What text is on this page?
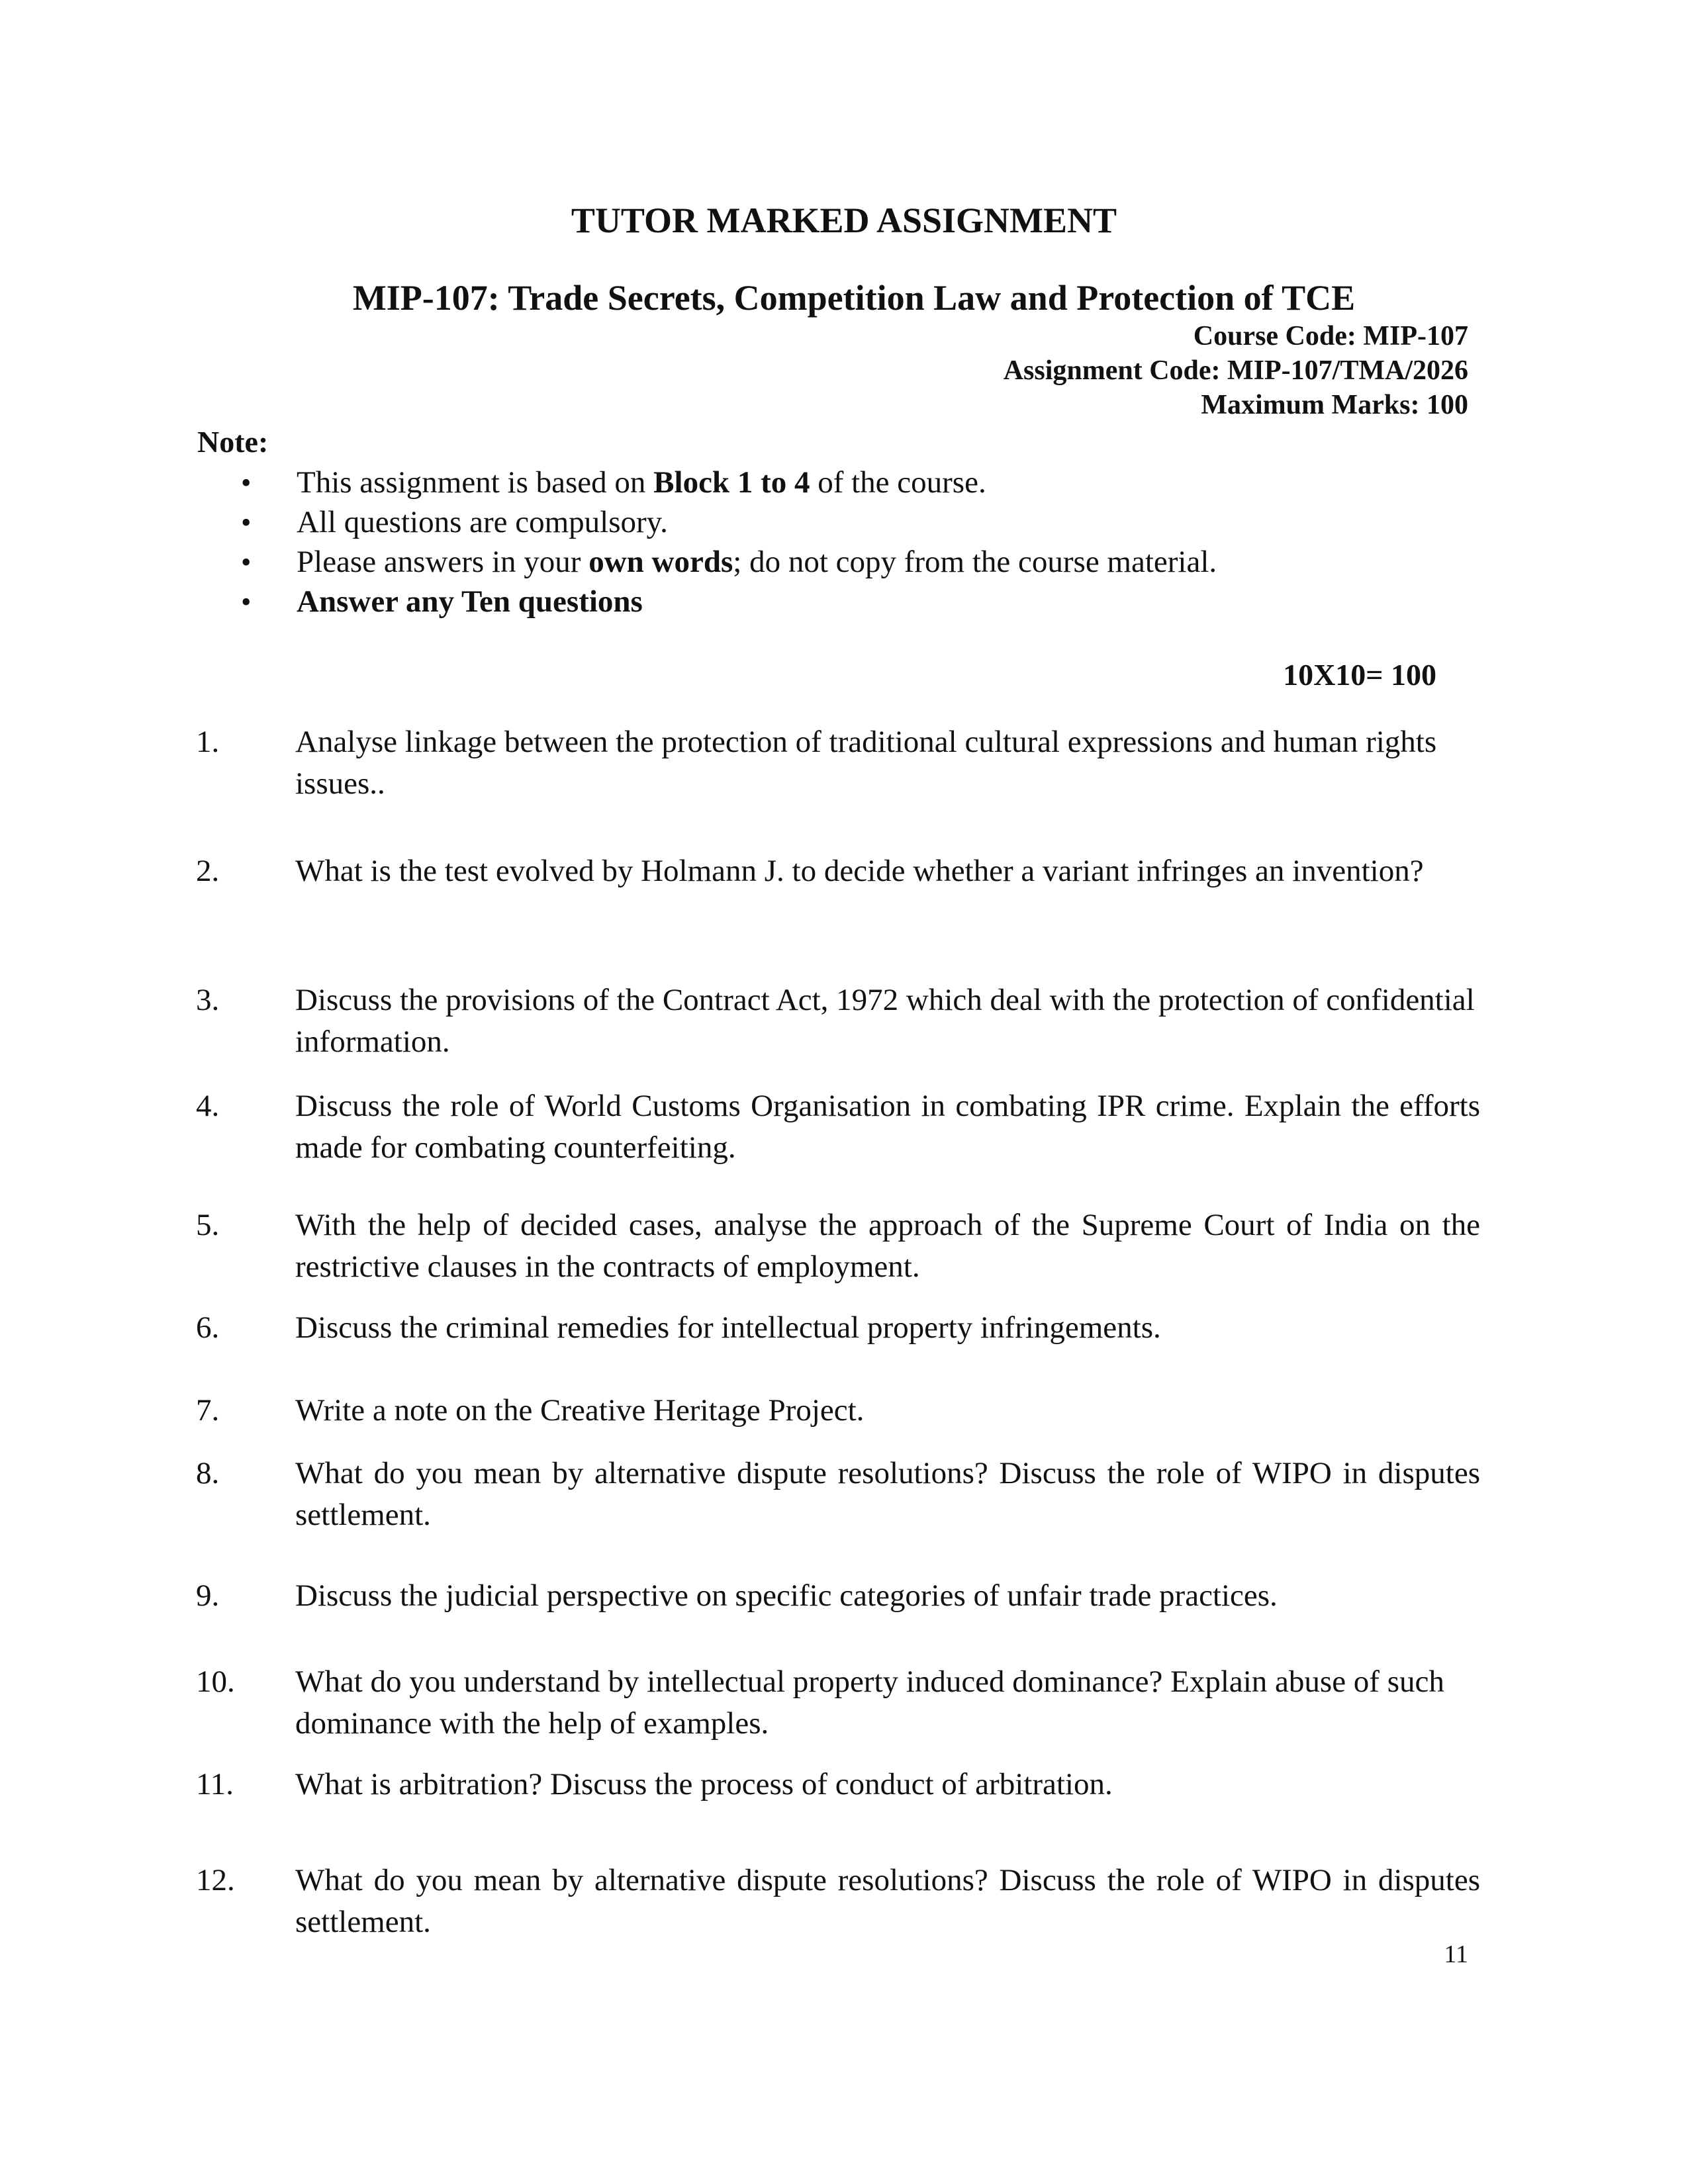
TUTOR MARKED ASSIGNMENT
MIP-107: Trade Secrets, Competition Law and Protection of TCE
Course Code: MIP-107
Assignment Code: MIP-107/TMA/2026
Maximum Marks: 100
Note:
• This assignment is based on Block 1 to 4 of the course.
• All questions are compulsory.
• Please answers in your own words; do not copy from the course material.
• Answer any Ten questions
10X10= 100
1. Analyse linkage between the protection of traditional cultural expressions and human rights issues..
2. What is the test evolved by Holmann J. to decide whether a variant infringes an invention?
3. Discuss the provisions of the Contract Act, 1972 which deal with the protection of confidential information.
4. Discuss the role of World Customs Organisation in combating IPR crime. Explain the efforts made for combating counterfeiting.
5. With the help of decided cases, analyse the approach of the Supreme Court of India on the restrictive clauses in the contracts of employment.
6. Discuss the criminal remedies for intellectual property infringements.
7. Write a note on the Creative Heritage Project.
8. What do you mean by alternative dispute resolutions? Discuss the role of WIPO in disputes settlement.
9. Discuss the judicial perspective on specific categories of unfair trade practices.
10. What do you understand by intellectual property induced dominance? Explain abuse of such dominance with the help of examples.
11. What is arbitration? Discuss the process of conduct of arbitration.
12. What do you mean by alternative dispute resolutions? Discuss the role of WIPO in disputes settlement.
11
